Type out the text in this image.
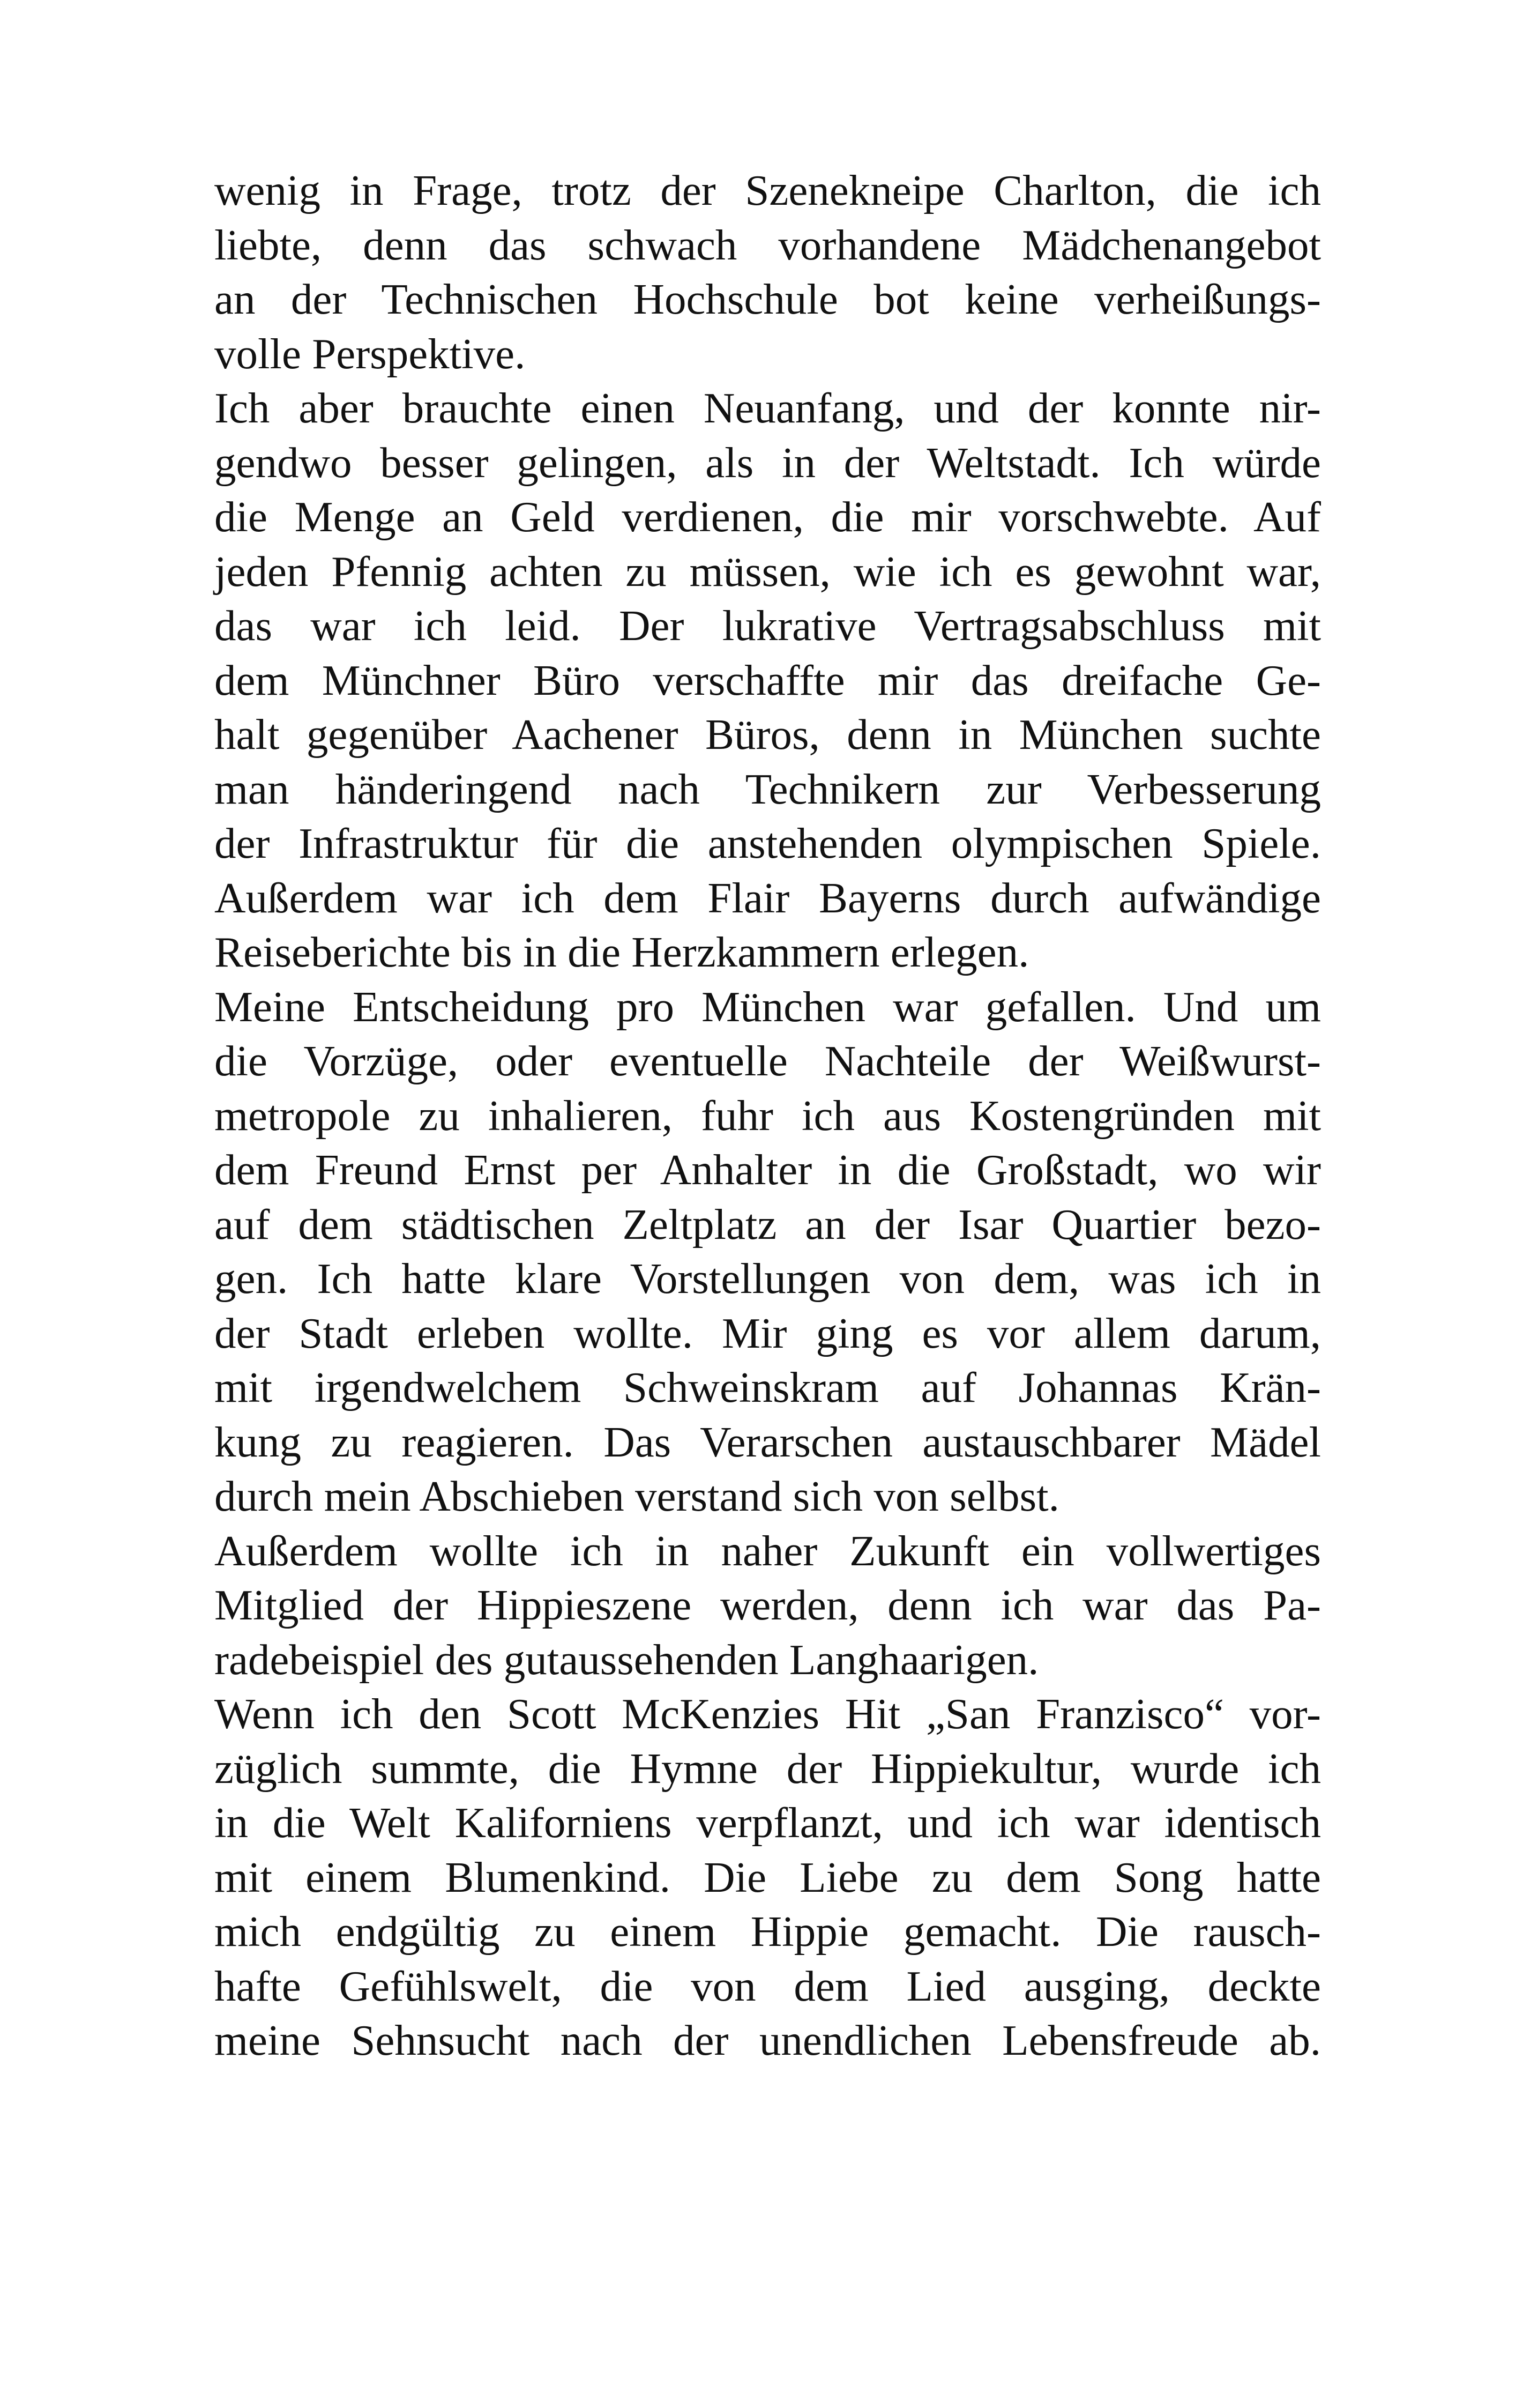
wenig in Frage, trotz der Szenekneipe Charlton, die ich
liebte, denn das schwach vorhandene Mädchenangebot
an der Technischen Hochschule bot keine verheißungs-
volle Perspektive.
Ich aber brauchte einen Neuanfang, und der konnte nir-
gendwo besser gelingen, als in der Weltstadt. Ich würde
die Menge an Geld verdienen, die mir vorschwebte. Auf
jeden Pfennig achten zu müssen, wie ich es gewohnt war,
das war ich leid. Der lukrative Vertragsabschluss mit
dem Münchner Büro verschaffte mir das dreifache Ge-
halt gegenüber Aachener Büros, denn in München suchte
man händeringend nach Technikern zur Verbesserung
der Infrastruktur für die anstehenden olympischen Spiele.
Außerdem war ich dem Flair Bayerns durch aufwändige
Reiseberichte bis in die Herzkammern erlegen.
Meine Entscheidung pro München war gefallen. Und um
die Vorzüge, oder eventuelle Nachteile der Weißwurst-
metropole zu inhalieren, fuhr ich aus Kostengründen mit
dem Freund Ernst per Anhalter in die Großstadt, wo wir
auf dem städtischen Zeltplatz an der Isar Quartier bezo-
gen. Ich hatte klare Vorstellungen von dem, was ich in
der Stadt erleben wollte. Mir ging es vor allem darum,
mit irgendwelchem Schweinskram auf Johannas Krän-
kung zu reagieren. Das Verarschen austauschbarer Mädel
durch mein Abschieben verstand sich von selbst.
Außerdem wollte ich in naher Zukunft ein vollwertiges
Mitglied der Hippieszene werden, denn ich war das Pa-
radebeispiel des gutaussehenden Langhaarigen.
Wenn ich den Scott McKenzies Hit „San Franzisco“ vor-
züglich summte, die Hymne der Hippiekultur, wurde ich
in die Welt Kaliforniens verpflanzt, und ich war identisch
mit einem Blumenkind. Die Liebe zu dem Song hatte
mich endgültig zu einem Hippie gemacht. Die rausch-
hafte Gefühlswelt, die von dem Lied ausging, deckte
meine Sehnsucht nach der unendlichen Lebensfreude ab.
